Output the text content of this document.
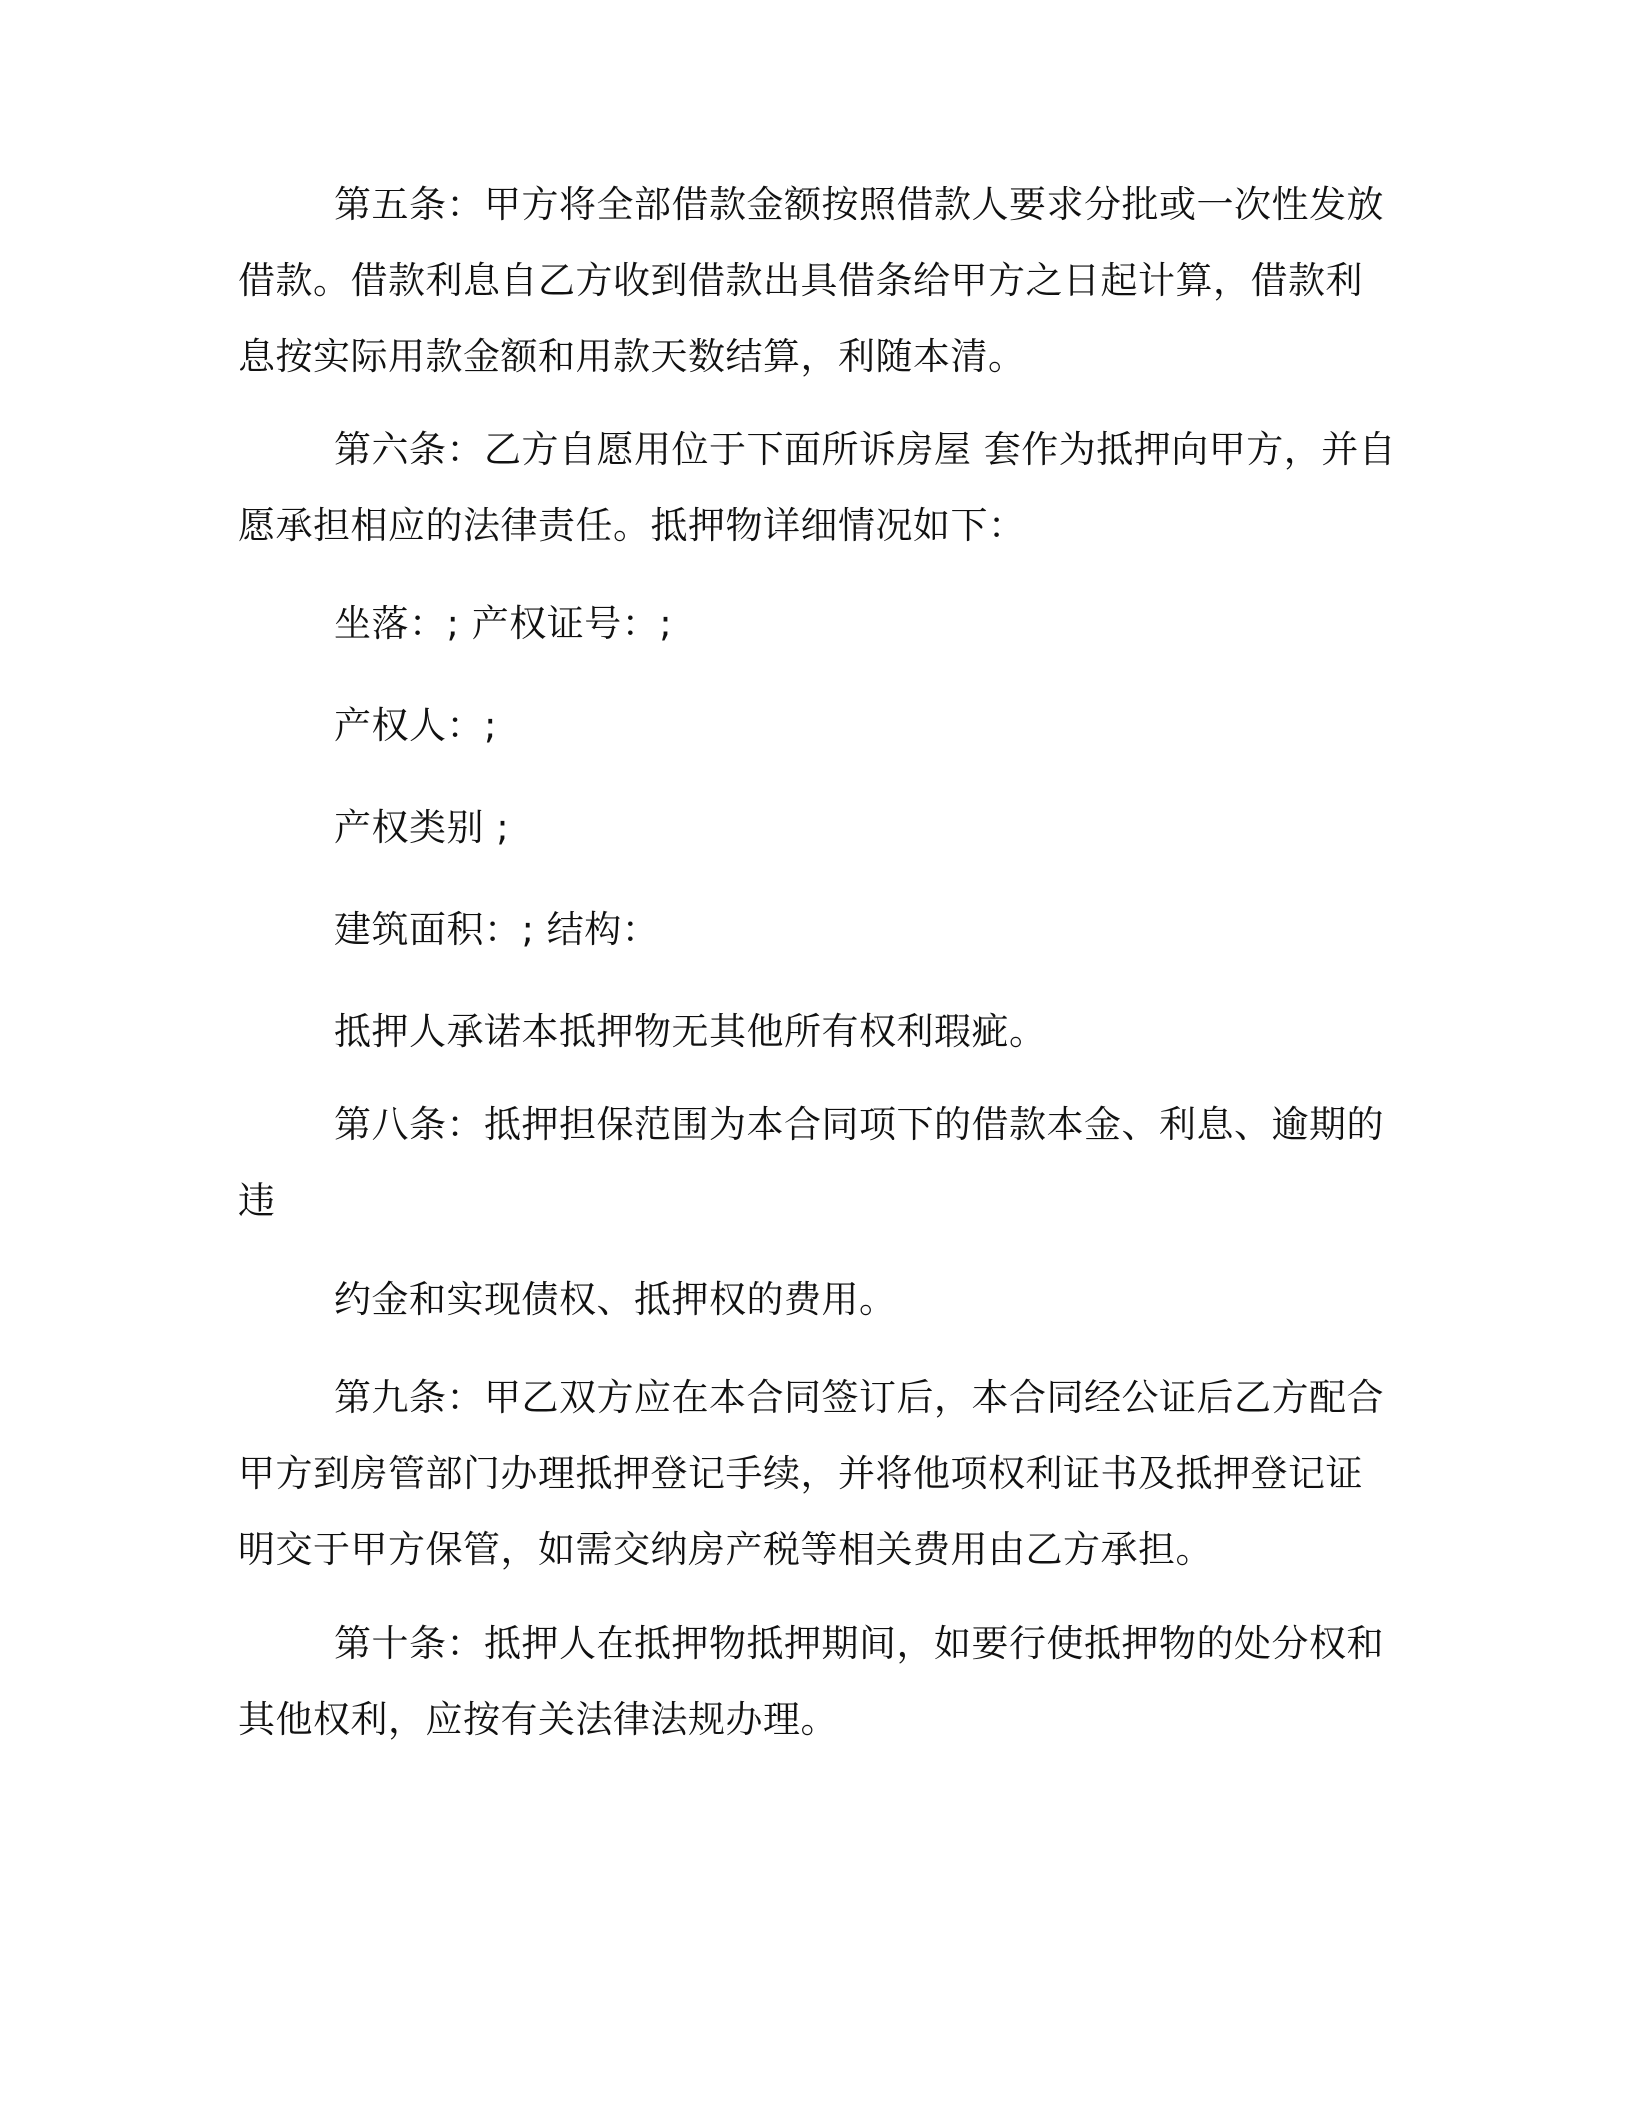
第五条：甲方将全部借款金额按照借款人要求分批或一次性发放
借款。借款利息自乙方收到借款出具借条给甲方之日起计算，借款利
息按实际用款金额和用款天数结算，利随本清。
第六条：乙方自愿用位于下面所诉房屋 套作为抵押向甲方，并自
愿承担相应的法律责任。抵押物详细情况如下：
坐落：; 产权证号：;
产权人：;
产权类别 ;
建筑面积：; 结构：
抵押人承诺本抵押物无其他所有权利瑕疵。
第八条：抵押担保范围为本合同项下的借款本金、利息、逾期的
违
约金和实现债权、抵押权的费用。
第九条：甲乙双方应在本合同签订后，本合同经公证后乙方配合
甲方到房管部门办理抵押登记手续，并将他项权利证书及抵押登记证
明交于甲方保管，如需交纳房产税等相关费用由乙方承担。
第十条：抵押人在抵押物抵押期间，如要行使抵押物的处分权和
其他权利，应按有关法律法规办理。
